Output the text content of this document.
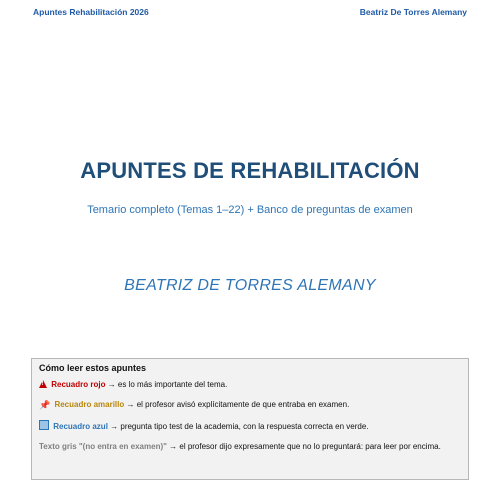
Apuntes Rehabilitación 2026	Beatriz De Torres Alemany
APUNTES DE REHABILITACIÓN
Temario completo (Temas 1–22) + Banco de preguntas de examen
BEATRIZ DE TORRES ALEMANY
Cómo leer estos apuntes
! Recuadro rojo → es lo más importante del tema.
📌 Recuadro amarillo → el profesor avisó explícitamente de que entraba en examen.
Recuadro azul → pregunta tipo test de la academia, con la respuesta correcta en verde.
Texto gris "(no entra en examen)" → el profesor dijo expresamente que no lo preguntará: para leer por encima.
